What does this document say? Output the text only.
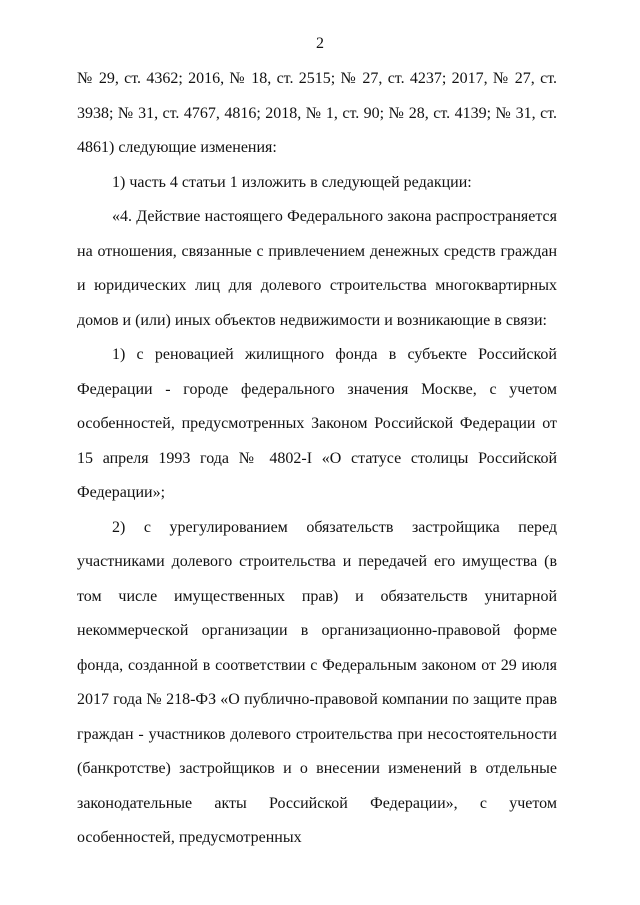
2

№ 29, ст. 4362; 2016, № 18, ст. 2515; № 27, ст. 4237; 2017, № 27, ст. 3938; № 31, ст. 4767, 4816; 2018, № 1, ст. 90; № 28, ст. 4139; № 31, ст. 4861) следующие изменения:

1) часть 4 статьи 1 изложить в следующей редакции:

«4. Действие настоящего Федерального закона распространяется на отношения, связанные с привлечением денежных средств граждан и юридических лиц для долевого строительства многоквартирных домов и (или) иных объектов недвижимости и возникающие в связи:

1) с реновацией жилищного фонда в субъекте Российской Федерации - городе федерального значения Москве, с учетом особенностей, предусмотренных Законом Российской Федерации от 15 апреля 1993 года № 4802-I «О статусе столицы Российской Федерации»;

2) с урегулированием обязательств застройщика перед участниками долевого строительства и передачей его имущества (в том числе имущественных прав) и обязательств унитарной некоммерческой организации в организационно-правовой форме фонда, созданной в соответствии с Федеральным законом от 29 июля 2017 года № 218-ФЗ «О публично-правовой компании по защите прав граждан - участников долевого строительства при несостоятельности (банкротстве) застройщиков и о внесении изменений в отдельные законодательные акты Российской Федерации», с учетом особенностей, предусмотренных
